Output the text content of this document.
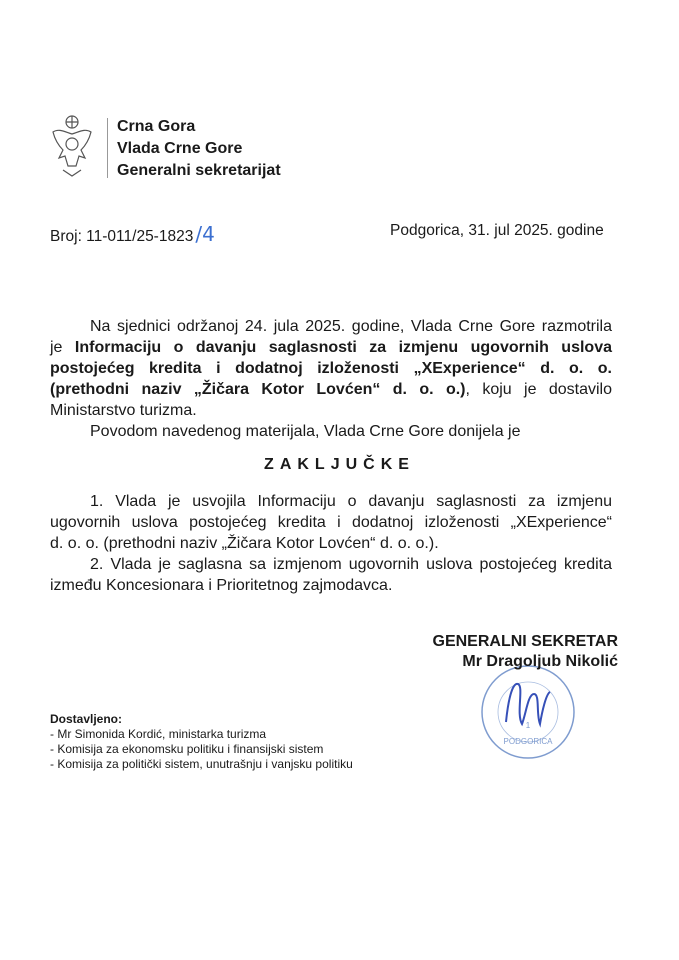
Crna Gora
Vlada Crne Gore
Generalni sekretarijat
Broj: 11-011/25-1823 /4	Podgorica, 31. jul 2025. godine
Na sjednici održanoj 24. jula 2025. godine, Vlada Crne Gore razmotrila
je Informaciju o davanju saglasnosti za izmjenu ugovornih uslova
postojećeg kredita i dodatnoj izloženosti „XExperience“ d. o. o.
(prethodni naziv „Žičara Kotor Lovćen“ d. o. o.), koju je dostavilo
Ministarstvo turizma.
Povodom navedenog materijala, Vlada Crne Gore donijela je
ZAKLJUČKE
1. Vlada je usvojila Informaciju o davanju saglasnosti za izmjenu
ugovornih uslova postojećeg kredita i dodatnoj izloženosti „XExperience“
d. o. o. (prethodni naziv „Žičara Kotor Lovćen“ d. o. o.).
2. Vlada je saglasna sa izmjenom ugovornih uslova postojećeg kredita
između Koncesionara i Prioritetnog zajmodavca.
1
PODGORICA
GENERALNI SEKRETAR
Mr Dragoljub Nikolić
Dostavljeno:
- Mr Simonida Kordić, ministarka turizma
- Komisija za ekonomsku politiku i finansijski sistem
- Komisija za politički sistem, unutrašnju i vanjsku politiku
